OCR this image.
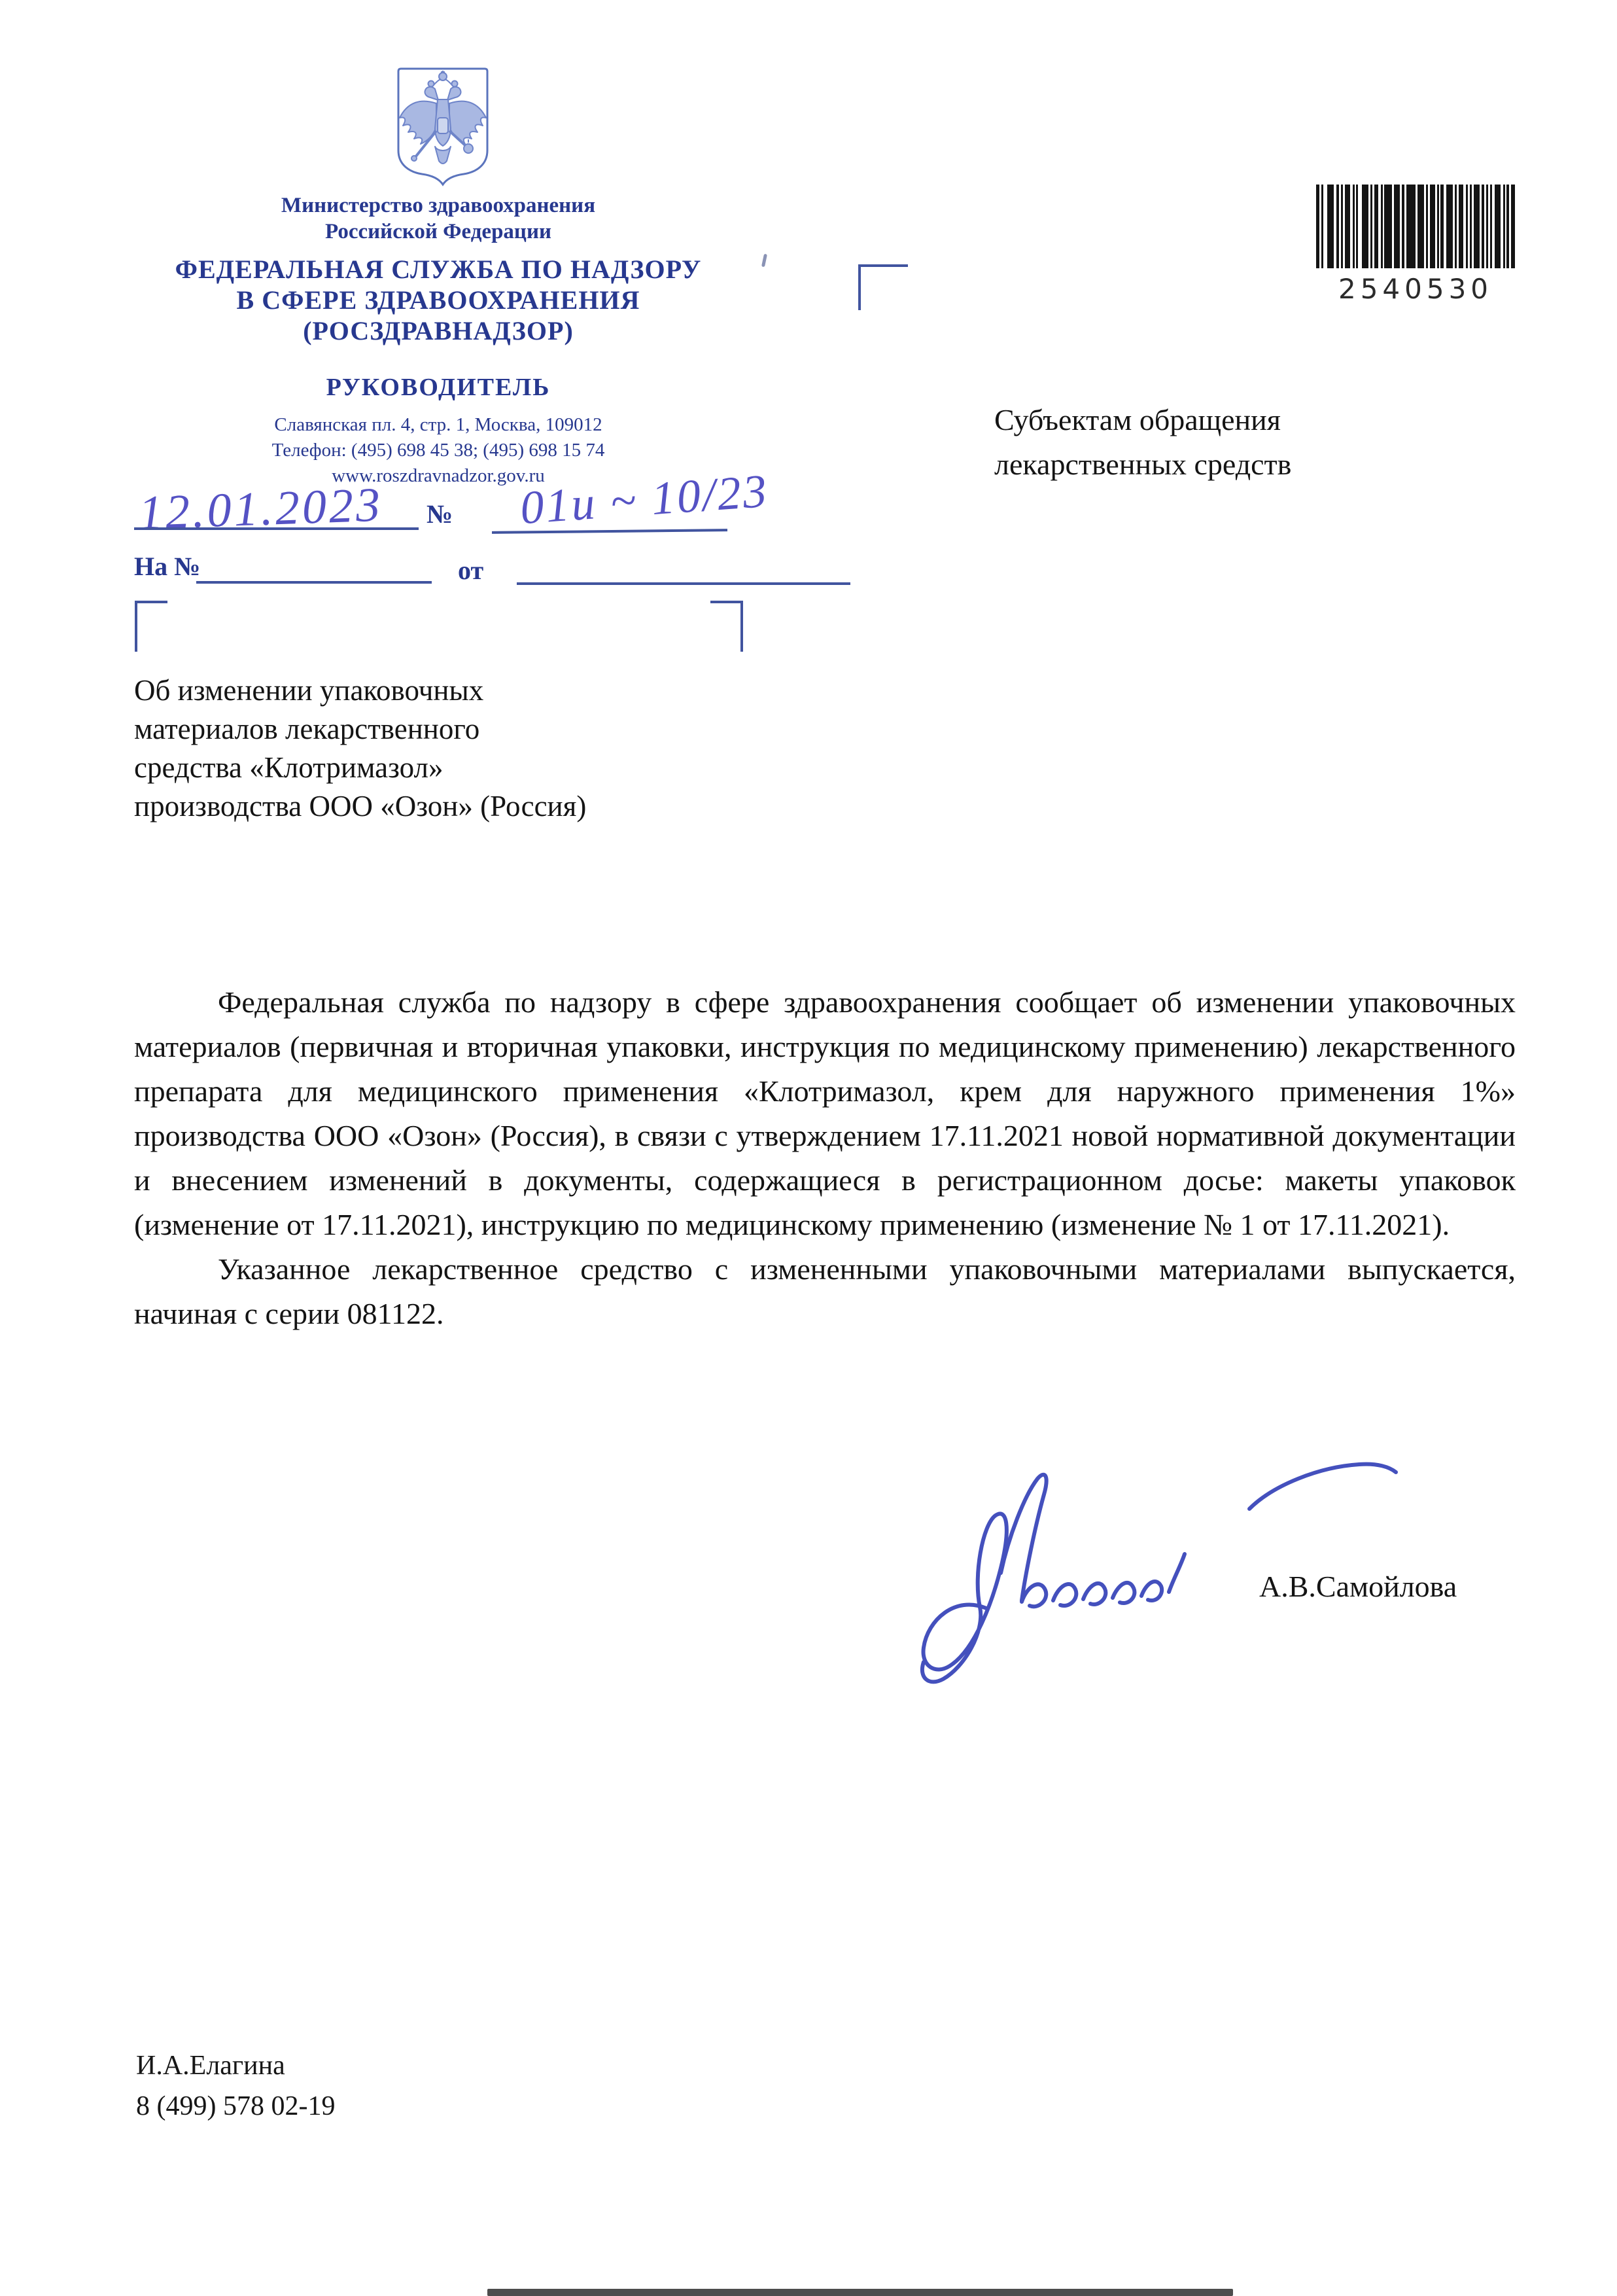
Министерство здравоохранения
Российской Федерации
ФЕДЕРАЛЬНАЯ СЛУЖБА ПО НАДЗОРУ
В СФЕРЕ ЗДРАВООХРАНЕНИЯ
(РОСЗДРАВНАДЗОР)
РУКОВОДИТЕЛЬ
Славянская пл. 4, стр. 1, Москва, 109012
Телефон: (495) 698 45 38; (495) 698 15 74
www.roszdravnadzor.gov.ru
12.01.2023 № 01и ~ 10/23
На №	от
2540530
Субъектам обращения
лекарственных средств
Об изменении упаковочных
материалов лекарственного
средства «Клотримазол»
производства ООО «Озон» (Россия)

Федеральная служба по надзору в сфере здравоохранения сообщает об изменении упаковочных материалов (первичная и вторичная упаковки, инструкция по медицинскому применению) лекарственного препарата для медицинского применения «Клотримазол, крем для наружного применения 1%» производства ООО «Озон» (Россия), в связи с утверждением 17.11.2021 новой нормативной документации и внесением изменений в документы, содержащиеся в регистрационном досье: макеты упаковок (изменение от 17.11.2021), инструкцию по медицинскому применению (изменение № 1 от 17.11.2021).

Указанное лекарственное средство с измененными упаковочными материалами выпускается, начиная с серии 081122.

А.В.Самойлова
И.А.Елагина
8 (499) 578 02-19
